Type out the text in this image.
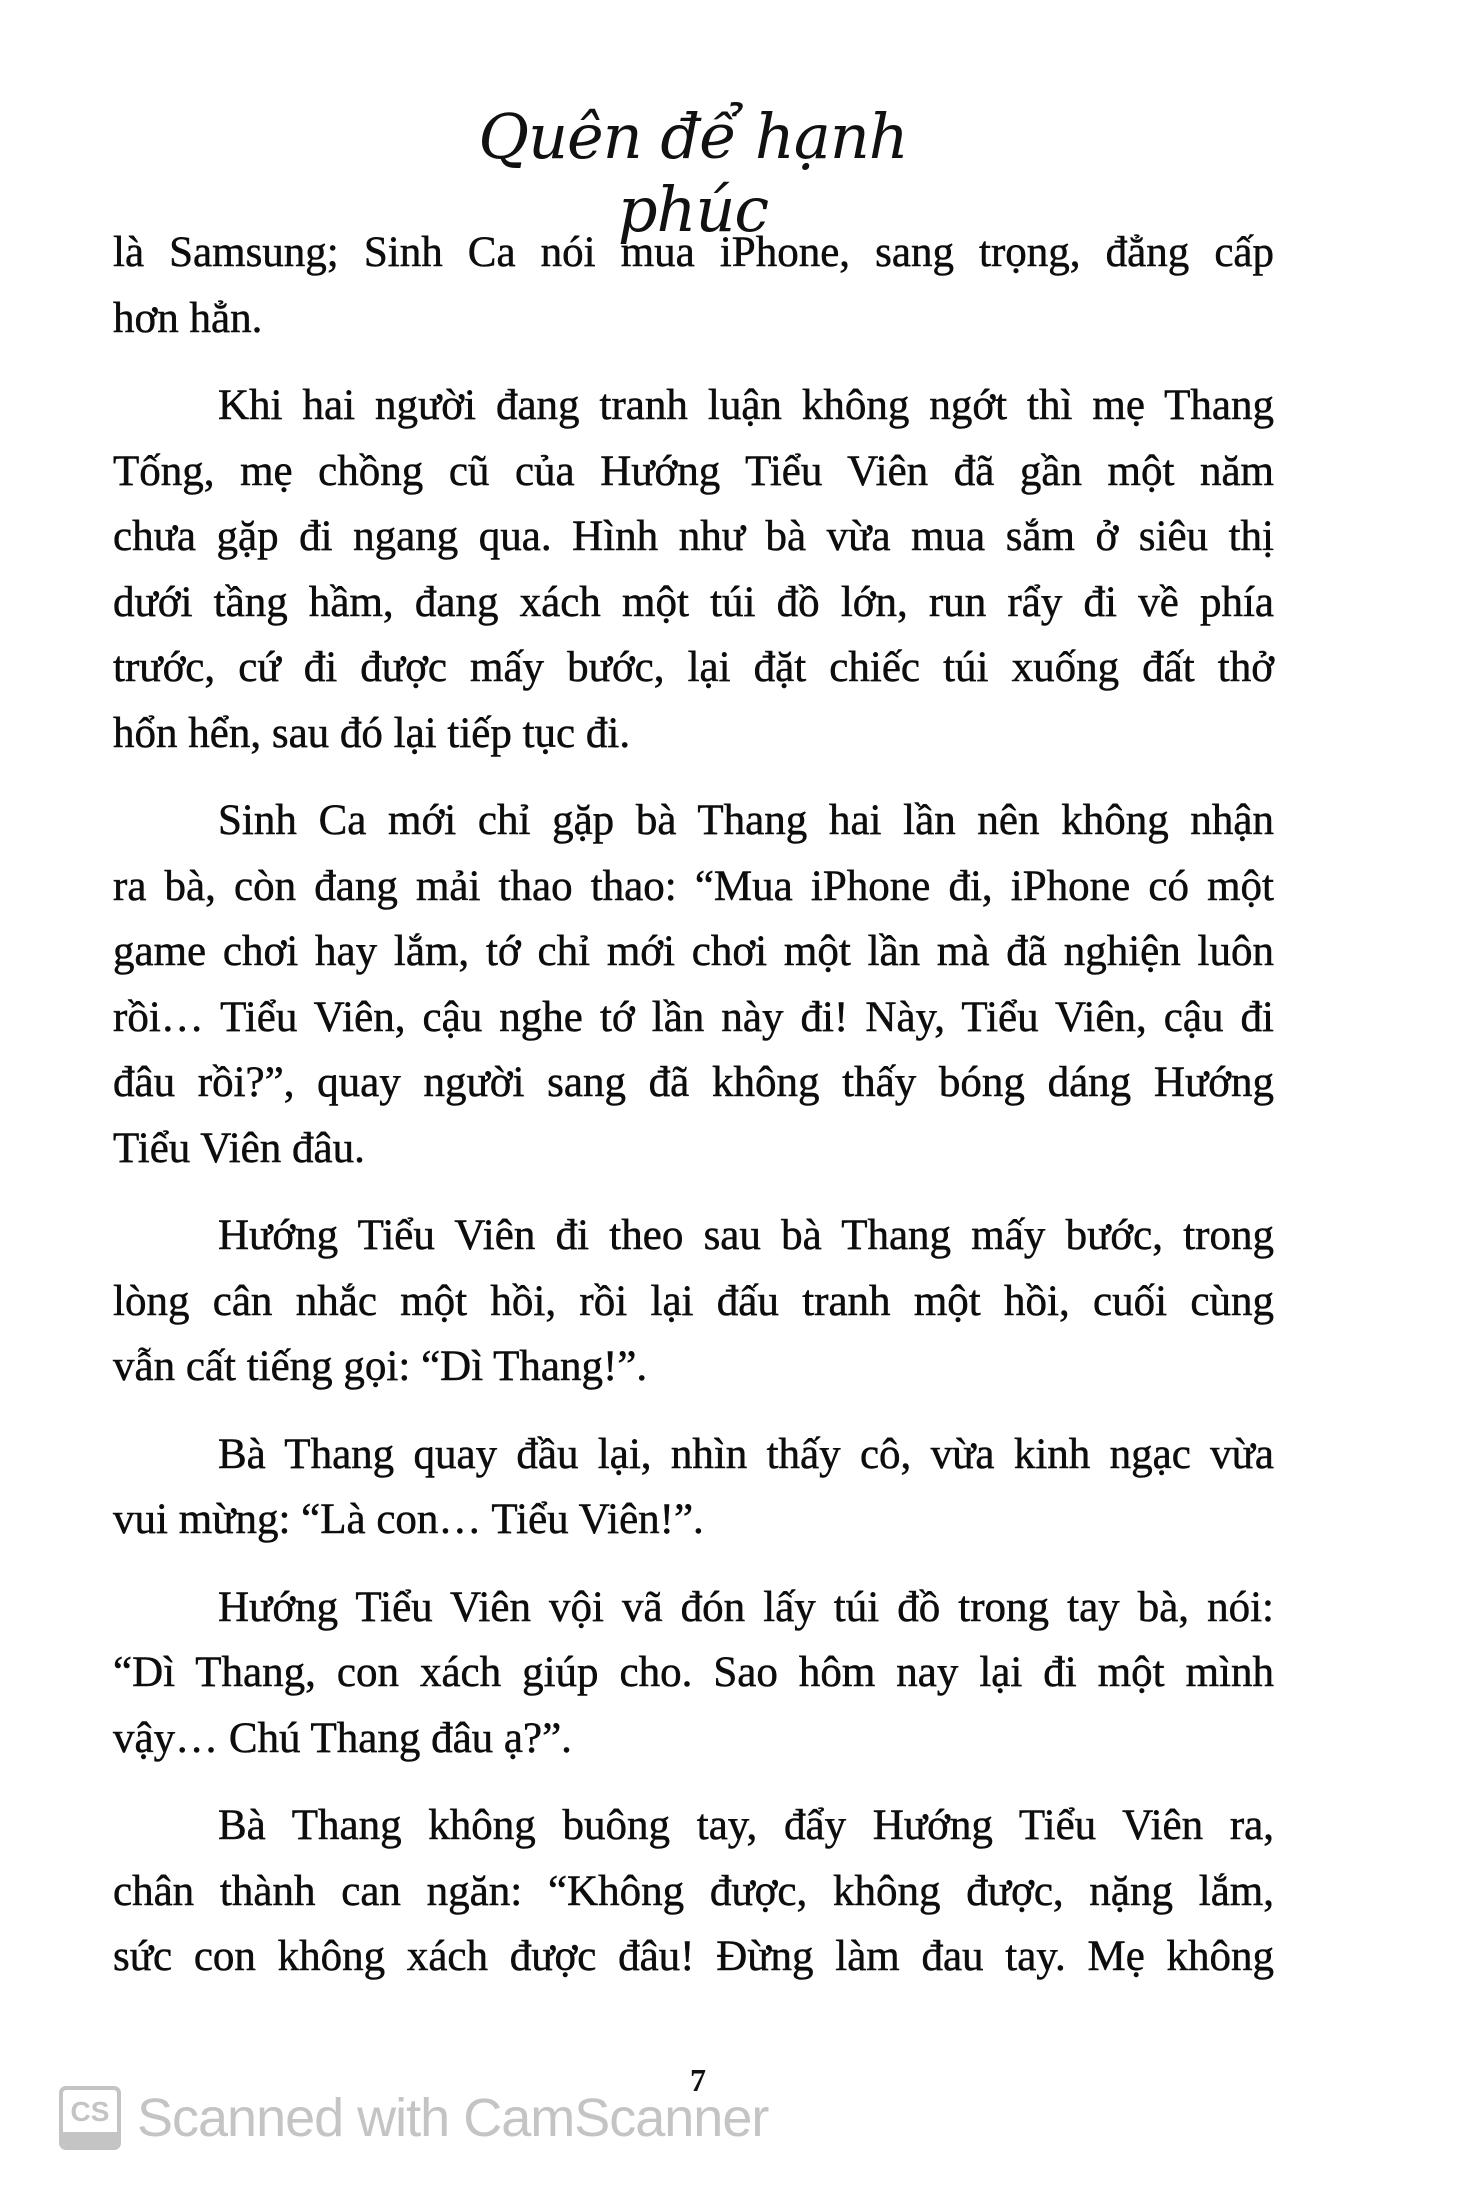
Quên để hạnh phúc
là Samsung; Sinh Ca nói mua iPhone, sang trọng, đẳng cấp
hơn hẳn.
Khi hai người đang tranh luận không ngớt thì mẹ Thang
Tống, mẹ chồng cũ của Hướng Tiểu Viên đã gần một năm
chưa gặp đi ngang qua. Hình như bà vừa mua sắm ở siêu thị
dưới tầng hầm, đang xách một túi đồ lớn, run rẩy đi về phía
trước, cứ đi được mấy bước, lại đặt chiếc túi xuống đất thở
hổn hển, sau đó lại tiếp tục đi.
Sinh Ca mới chỉ gặp bà Thang hai lần nên không nhận
ra bà, còn đang mải thao thao: “Mua iPhone đi, iPhone có một
game chơi hay lắm, tớ chỉ mới chơi một lần mà đã nghiện luôn
rồi… Tiểu Viên, cậu nghe tớ lần này đi! Này, Tiểu Viên, cậu đi
đâu rồi?”, quay người sang đã không thấy bóng dáng Hướng
Tiểu Viên đâu.
Hướng Tiểu Viên đi theo sau bà Thang mấy bước, trong
lòng cân nhắc một hồi, rồi lại đấu tranh một hồi, cuối cùng
vẫn cất tiếng gọi: “Dì Thang!”.
Bà Thang quay đầu lại, nhìn thấy cô, vừa kinh ngạc vừa
vui mừng: “Là con… Tiểu Viên!”.
Hướng Tiểu Viên vội vã đón lấy túi đồ trong tay bà, nói:
“Dì Thang, con xách giúp cho. Sao hôm nay lại đi một mình
vậy… Chú Thang đâu ạ?”.
Bà Thang không buông tay, đẩy Hướng Tiểu Viên ra,
chân thành can ngăn: “Không được, không được, nặng lắm,
sức con không xách được đâu! Đừng làm đau tay. Mẹ không
7
CS Scanned with CamScanner
